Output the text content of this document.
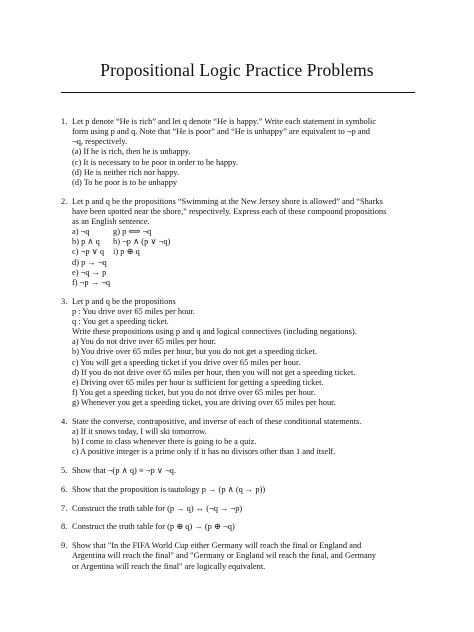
Propositional Logic Practice Problems
1. Let p denote “He is rich” and let q denote “He is happy.” Write each statement in symbolic
form using p and q. Note that “He is poor” and “He is unhappy” are equivalent to ¬p and
¬q, respectively.
(a) If he is rich, then he is unhappy.
(c) It is necessary to be poor in order to be happy.
(d) He is neither rich nor happy.
(d) To be poor is to be unhappy
2. Let p and q be the propositions “Swimming at the New Jersey shore is allowed” and “Sharks
have been spotted near the shore,” respectively. Express each of these compound propositions
as an English sentence.
a) ¬q
b) p ∧ q
c) ¬p ∨ q
d) p → ¬q
e) ¬q → p
f) ¬p → ¬q
g) p ⟺ ¬q
h) ¬p ∧ (p ∨ ¬q)
i) p ⊕ q
3. Let p and q be the propositions
p : You drive over 65 miles per hour.
q : You get a speeding ticket.
Write these propositions using p and q and logical connectives (including negations).
a) You do not drive over 65 miles per hour.
b) You drive over 65 miles per hour, but you do not get a speeding ticket.
c) You will get a speeding ticket if you drive over 65 miles per hour.
d) If you do not drive over 65 miles per hour, then you will not get a speeding ticket.
e) Driving over 65 miles per hour is sufficient for getting a speeding ticket.
f) You get a speeding ticket, but you do not drive over 65 miles per hour.
g) Whenever you get a speeding ticket, you are driving over 65 miles per hour.
4. State the converse, contrapositive, and inverse of each of these conditional statements.
a) If it snows today, I will ski tomorrow.
b) I come to class whenever there is going to be a quiz.
c) A positive integer is a prime only if it has no divisors other than 1 and itself.
5. Show that ¬(p ∧ q) ≡ ¬p ∨ ¬q.
6. Show that the proposition is tautology p → (p ∧ (q → p))
7. Construct the truth table for (p → q) ↔ (¬q → ¬p)
8. Construct the truth table for (p ⊕ q) → (p ⊕ ¬q)
9. Show that "In the FIFA World Cup either Germany will reach the final or England and
Argentina will reach the final" and "Germany or England wil reach the final, and Germany
or Argentina will reach the final" are logically equivalent.
